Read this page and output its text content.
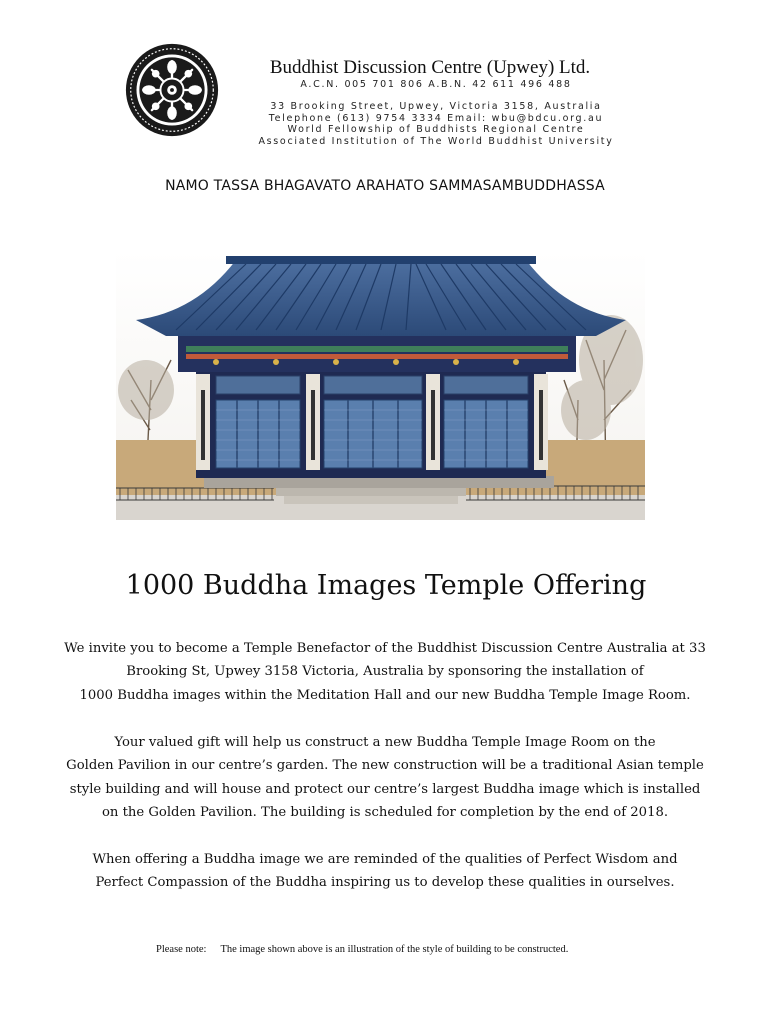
Buddhist Discussion Centre (Upwey) Ltd.
A.C.N. 005 701 806 A.B.N. 42 611 496 488
33 Brooking Street, Upwey, Victoria 3158, Australia
Telephone (613) 9754 3334 Email: wbu@bdcu.org.au
World Fellowship of Buddhists Regional Centre
Associated Institution of The World Buddhist University
NAMO TASSA BHAGAVATO ARAHATO SAMMASAMBUDDHASSA
1000 Buddha Images Temple Offering
We invite you to become a Temple Benefactor of the Buddhist Discussion Centre Australia at 33
Brooking St, Upwey 3158 Victoria, Australia by sponsoring the installation of
1000 Buddha images within the Meditation Hall and our new Buddha Temple Image Room.
Your valued gift will help us construct a new Buddha Temple Image Room on the
Golden Pavilion in our centre’s garden. The new construction will be a traditional Asian temple
style building and will house and protect our centre’s largest Buddha image which is installed
on the Golden Pavilion. The building is scheduled for completion by the end of 2018.
When offering a Buddha image we are reminded of the qualities of Perfect Wisdom and
Perfect Compassion of the Buddha inspiring us to develop these qualities in ourselves.
Please note: The image shown above is an illustration of the style of building to be constructed.
